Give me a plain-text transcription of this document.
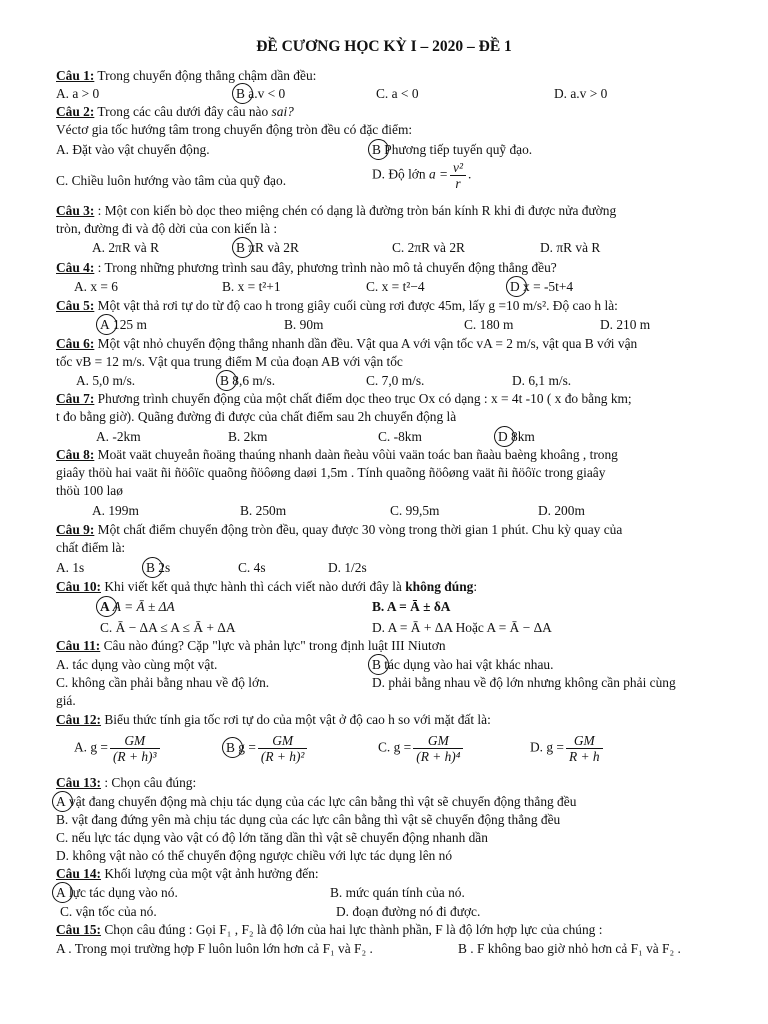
ĐỀ CƯƠNG HỌC KỲ I – 2020 – ĐỀ 1
Câu 1: Trong chuyển động thẳng chậm dần đều:
A. a > 0	B a.v < 0	C. a < 0	D. a.v > 0
Câu 2: Trong các câu dưới đây câu nào sai?
Véctơ gia tốc hướng tâm trong chuyển động tròn đều có đặc điểm:
A. Đặt vào vật chuyển động.	B Phương tiếp tuyến quỹ đạo.
C. Chiều luôn hướng vào tâm của quỹ đạo.	D. Độ lớn $a = \frac{\text{v²}}{r}$ .
Câu 3: : Một con kiến bò dọc theo miệng chén có dạng là đường tròn bán kính R khi đi được nửa đường
tròn, đường đi và độ dời của con kiến là :
A. 2πR và R	B πR và 2R	C. 2πR và 2R	D. πR và R
Câu 4: : Trong những phương trình sau đây, phương trình nào mô tả chuyển động thẳng đều?
A. x = 6	B. x = t²+1	C. x = t²−4	D x = -5t+4
Câu 5: Một vật thả rơi tự do từ độ cao h trong giây cuối cùng rơi được 45m, lấy g =10 m/s². Độ cao h là:
A 125 m	B. 90m	C. 180 m	D. 210 m
Câu 6: Một vật nhỏ chuyển động thẳng nhanh dần đều. Vật qua A với vận tốc vA = 2 m/s, vật qua B với vận
tốc vB = 12 m/s. Vật qua trung điểm M của đoạn AB với vận tốc
A. 5,0 m/s.	B 8,6 m/s.	C. 7,0 m/s.	D. 6,1 m/s.
Câu 7: Phương trình chuyển động của một chất điểm dọc theo trục Ox có dạng : x = 4t -10 ( x đo bằng km;
t đo bằng giờ). Quãng đường đi được của chất điểm sau 2h chuyển động là
A. -2km	B. 2km	C. -8km	D 8km
Câu 8: Moät vaät chuyeån ñoäng thaúng nhanh daàn ñeàu vôùi vaän toác ban ñaàu baèng khoâng , trong
giaây thöù hai vaät ñi ñöôïc quaõng ñöôøng daøi 1,5m . Tính quaõng ñöôøng vaät ñi ñöôïc trong giaây
thöù 100 laø
A. 199m	B. 250m	C. 99,5m	D. 200m
Câu 9: Một chất điểm chuyển động tròn đều, quay được 30 vòng trong thời gian 1 phút. Chu kỳ quay của
chất điểm là:
A. 1s	B 2s	C. 4s	D. 1/2s
Câu 10: Khi viết kết quả thực hành thì cách viết nào dưới đây là không đúng:
A A = Ā ± ΔA	B. A = Ā ± δA
C. Ā − ΔA ≤ A ≤ Ā + ΔA	D. A = Ā + ΔA Hoặc A = Ā − ΔA
Câu 11: Câu nào đúng? Cặp "lực và phản lực" trong định luật III Niutơn
A. tác dụng vào cùng một vật.	B tác dụng vào hai vật khác nhau.
C. không cần phải bằng nhau về độ lớn.	D. phải bằng nhau về độ lớn nhưng không cần phải cùng
giá.
Câu 12: Biểu thức tính gia tốc rơi tự do của một vật ở độ cao h so với mặt đất là:
A. $g = \frac{GM}{\text{(R + h)³}}$	B $g = \frac{GM}{\text{(R + h)²}}$	C. $g = \frac{GM}{\text{(R + h)⁴}}$	D. $g = \frac{GM}{R + h}$
Câu 13: : Chọn câu đúng:
A vật đang chuyển động mà chịu tác dụng của các lực cân bằng thì vật sẽ chuyển động thẳng đều
B. vật đang đứng yên mà chịu tác dụng của các lực cân bằng thì vật sẽ chuyển động thẳng đều
C. nếu lực tác dụng vào vật có độ lớn tăng dần thì vật sẽ chuyển động nhanh dần
D. không vật nào có thể chuyển động ngược chiều với lực tác dụng lên nó
Câu 14: Khối lượng của một vật ảnh hưởng đến:
A lực tác dụng vào nó.	B. mức quán tính của nó.
C. vận tốc của nó.	D. đoạn đường nó đi được.
Câu 15: Chọn câu đúng : Gọi F₁ , F₂ là độ lớn của hai lực thành phần, F là độ lớn hợp lực của chúng :
A . Trong mọi trường hợp F luôn luôn lớn hơn cả F₁ và F₂ .	B . F không bao giờ nhỏ hơn cả F₁ và F₂ .
